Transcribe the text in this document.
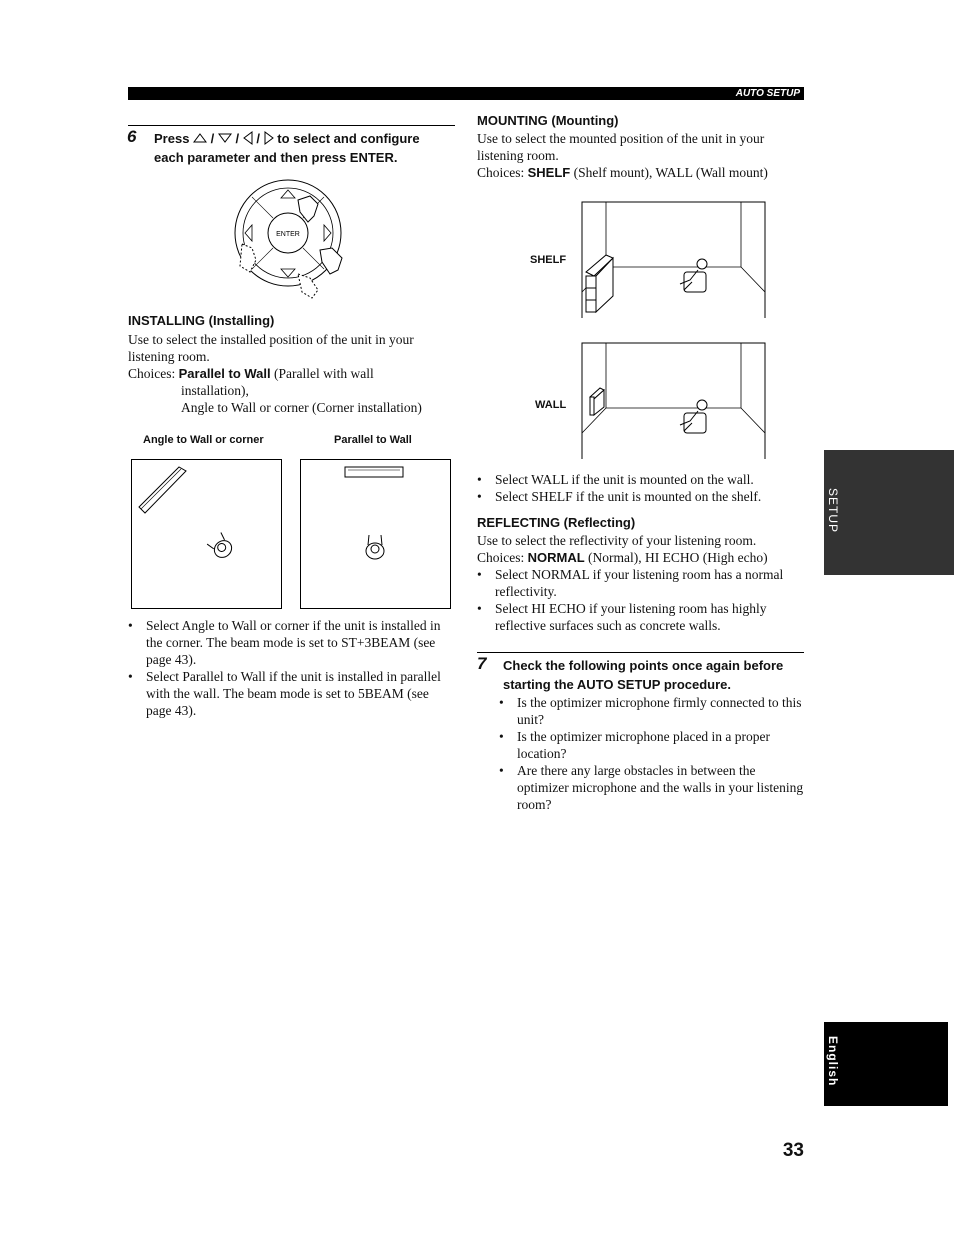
AUTO SETUP
6 Press / / / to select and configure
each parameter and then press ENTER.
ENTER
INSTALLING (Installing)

Use to select the installed position of the unit in your listening room.

Choices: Parallel to Wall (Parallel with wall

installation),

Angle to Wall or corner (Corner installation)

Angle to Wall or corner	Parallel to Wall
• Select Angle to Wall or corner if the unit is installed in the corner. The beam mode is set to ST+3BEAM (see page 43).
• Select Parallel to Wall if the unit is installed in parallel with the wall. The beam mode is set to 5BEAM (see page 43).
MOUNTING (Mounting)

Use to select the mounted position of the unit in your listening room.

Choices: SHELF (Shelf mount), WALL (Wall mount)

SHELF
WALL
• Select WALL if the unit is mounted on the wall.
• Select SHELF if the unit is mounted on the shelf.
REFLECTING (Reflecting)

Use to select the reflectivity of your listening room.

Choices: NORMAL (Normal), HI ECHO (High echo)

• Select NORMAL if your listening room has a normal reflectivity.
• Select HI ECHO if your listening room has highly reflective surfaces such as concrete walls.
7 Check the following points once again before
starting the AUTO SETUP procedure.
• Is the optimizer microphone firmly connected to this unit?
• Is the optimizer microphone placed in a proper location?
• Are there any large obstacles in between the optimizer microphone and the walls in your listening room?
SETUP
English
33
